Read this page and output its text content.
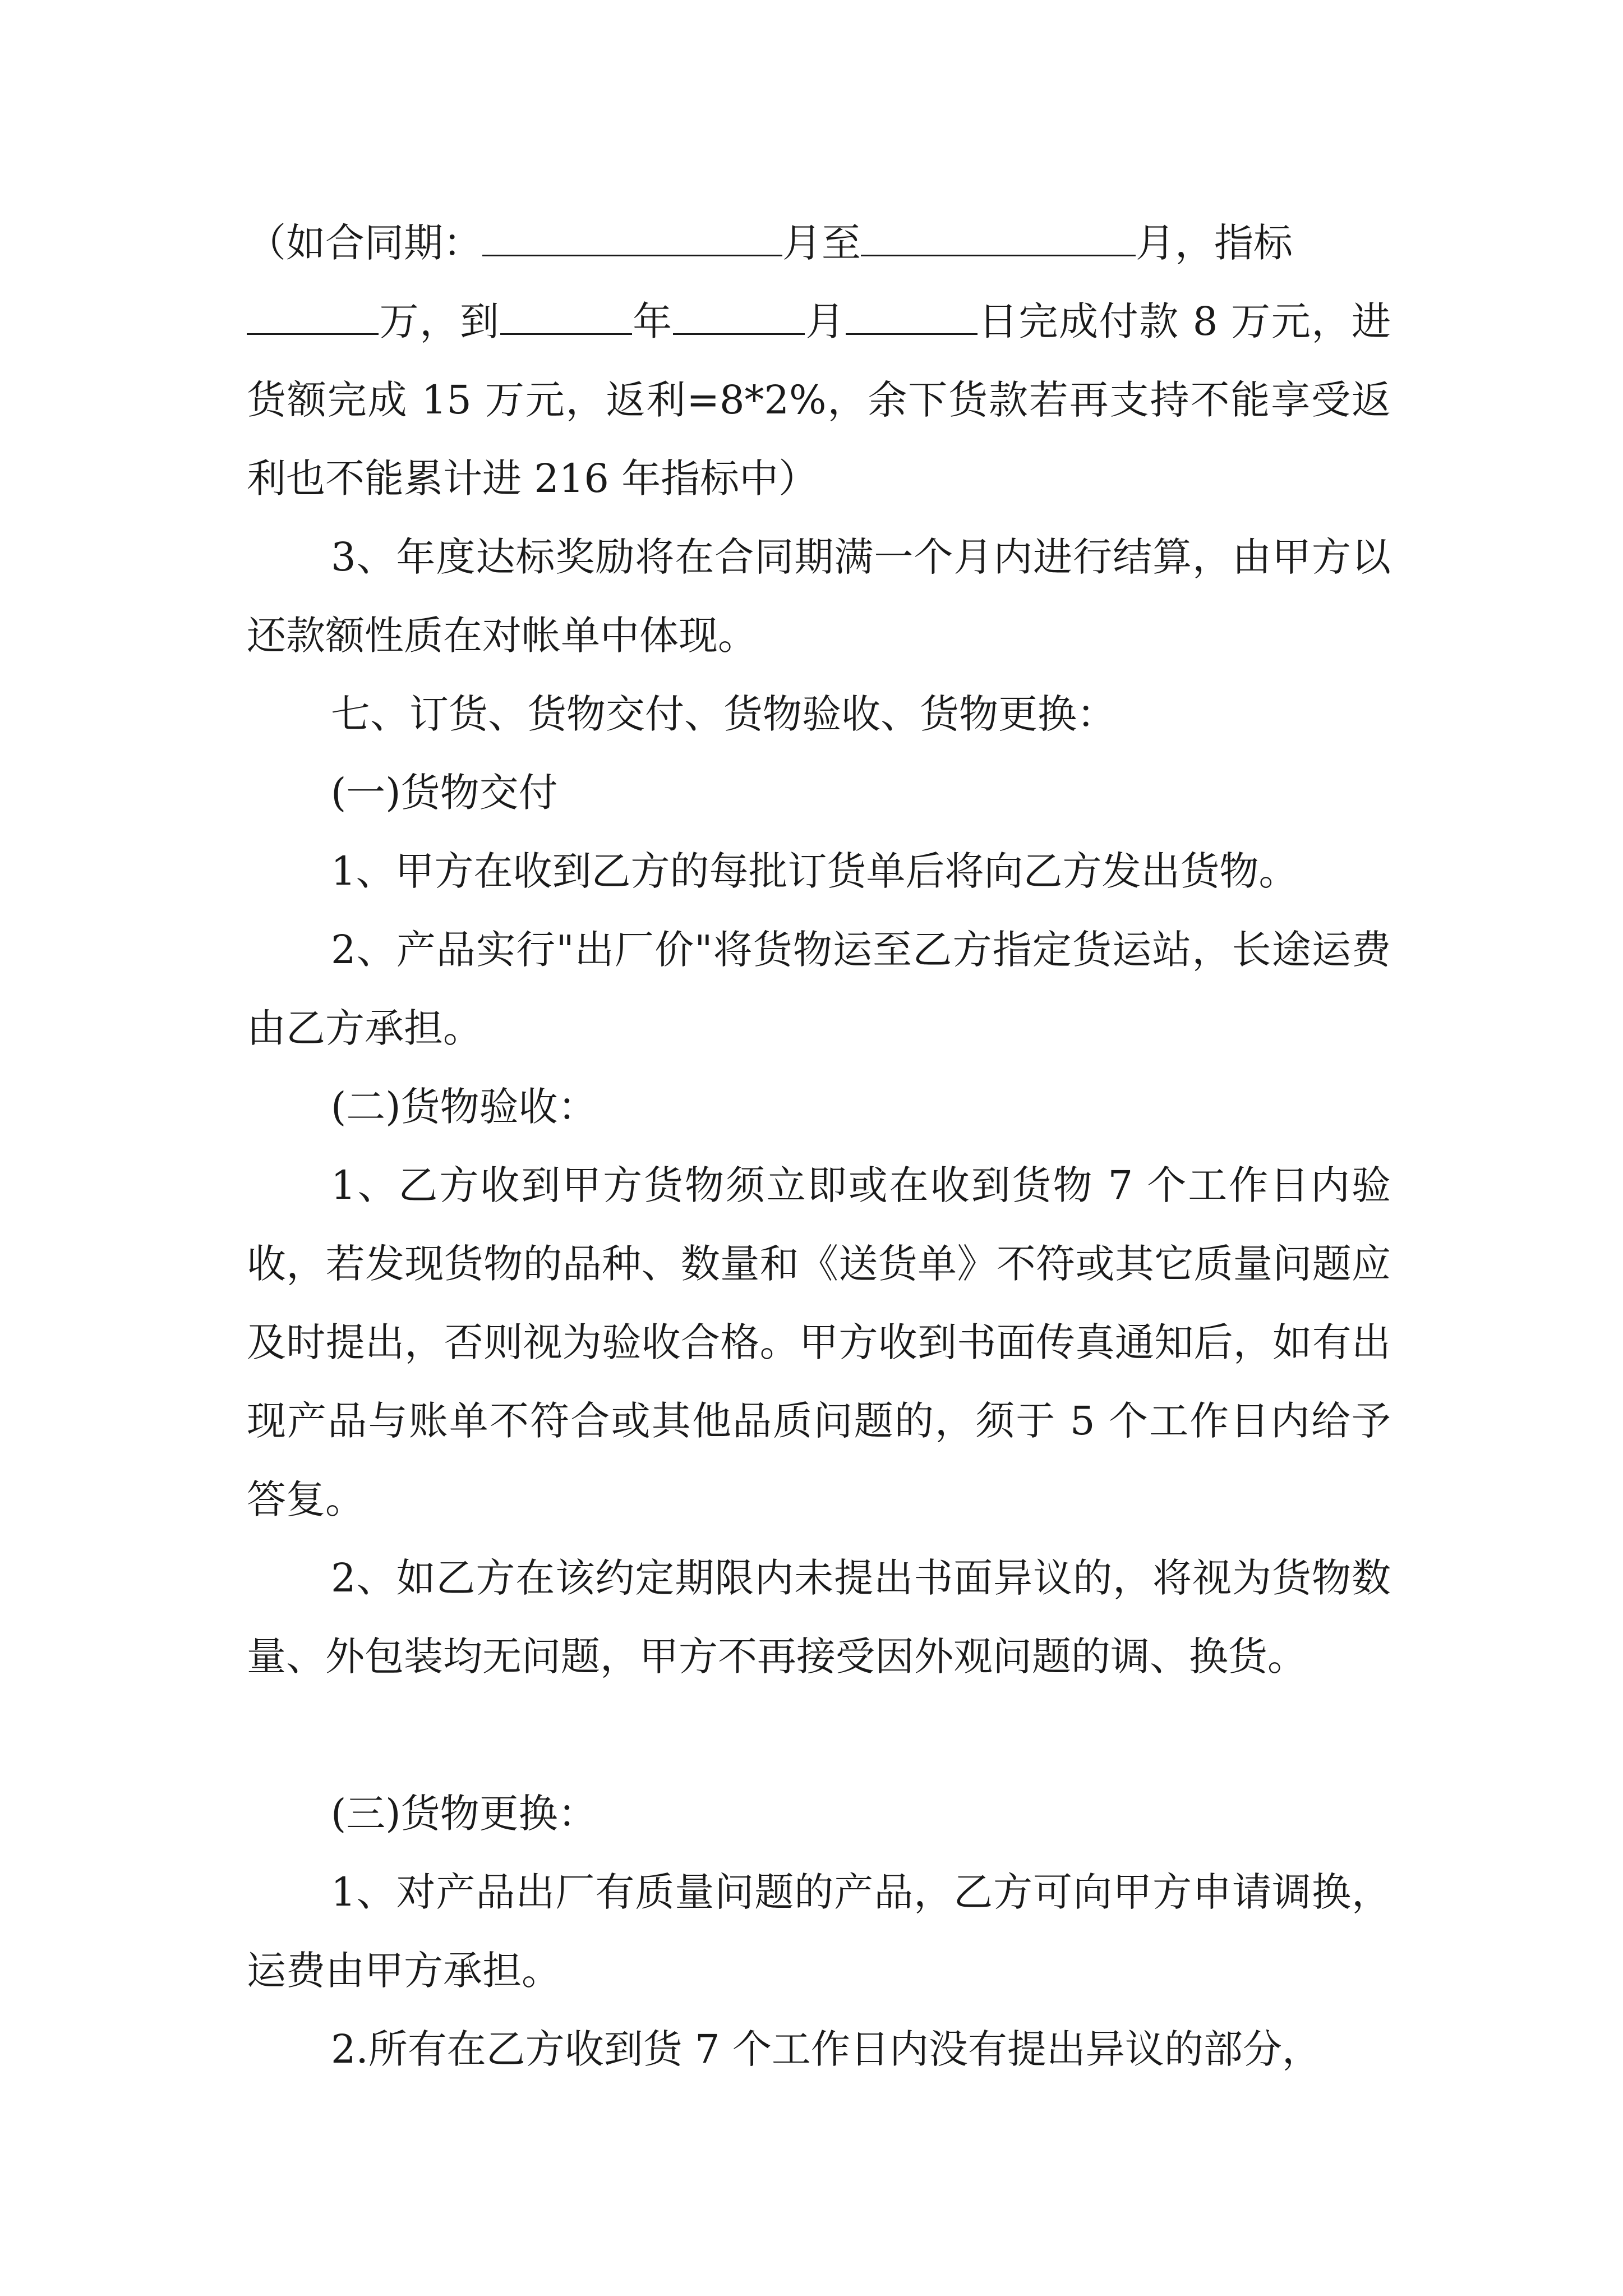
（如合同期：	月至	月，指标
万，到	年	月	日完成付款 8 万元，进货额完成 15 万元，返利=8*2%，余下货款若再支持不能享受返利也不能累计进 216 年指标中）

3、年度达标奖励将在合同期满一个月内进行结算，由甲方以还款额性质在对帐单中体现。

七、订货、货物交付、货物验收、货物更换：

(一)货物交付

1、甲方在收到乙方的每批订货单后将向乙方发出货物。

2、产品实行"出厂价"将货物运至乙方指定货运站，长途运费由乙方承担。

(二)货物验收：

1、乙方收到甲方货物须立即或在收到货物 7 个工作日内验收，若发现货物的品种、数量和《送货单》不符或其它质量问题应及时提出，否则视为验收合格。甲方收到书面传真通知后，如有出现产品与账单不符合或其他品质问题的，须于 5 个工作日内给予答复。

2、如乙方在该约定期限内未提出书面异议的，将视为货物数量、外包装均无问题，甲方不再接受因外观问题的调、换货。

(三)货物更换：

1、对产品出厂有质量问题的产品，乙方可向甲方申请调换，运费由甲方承担。

2.所有在乙方收到货 7 个工作日内没有提出异议的部分，
